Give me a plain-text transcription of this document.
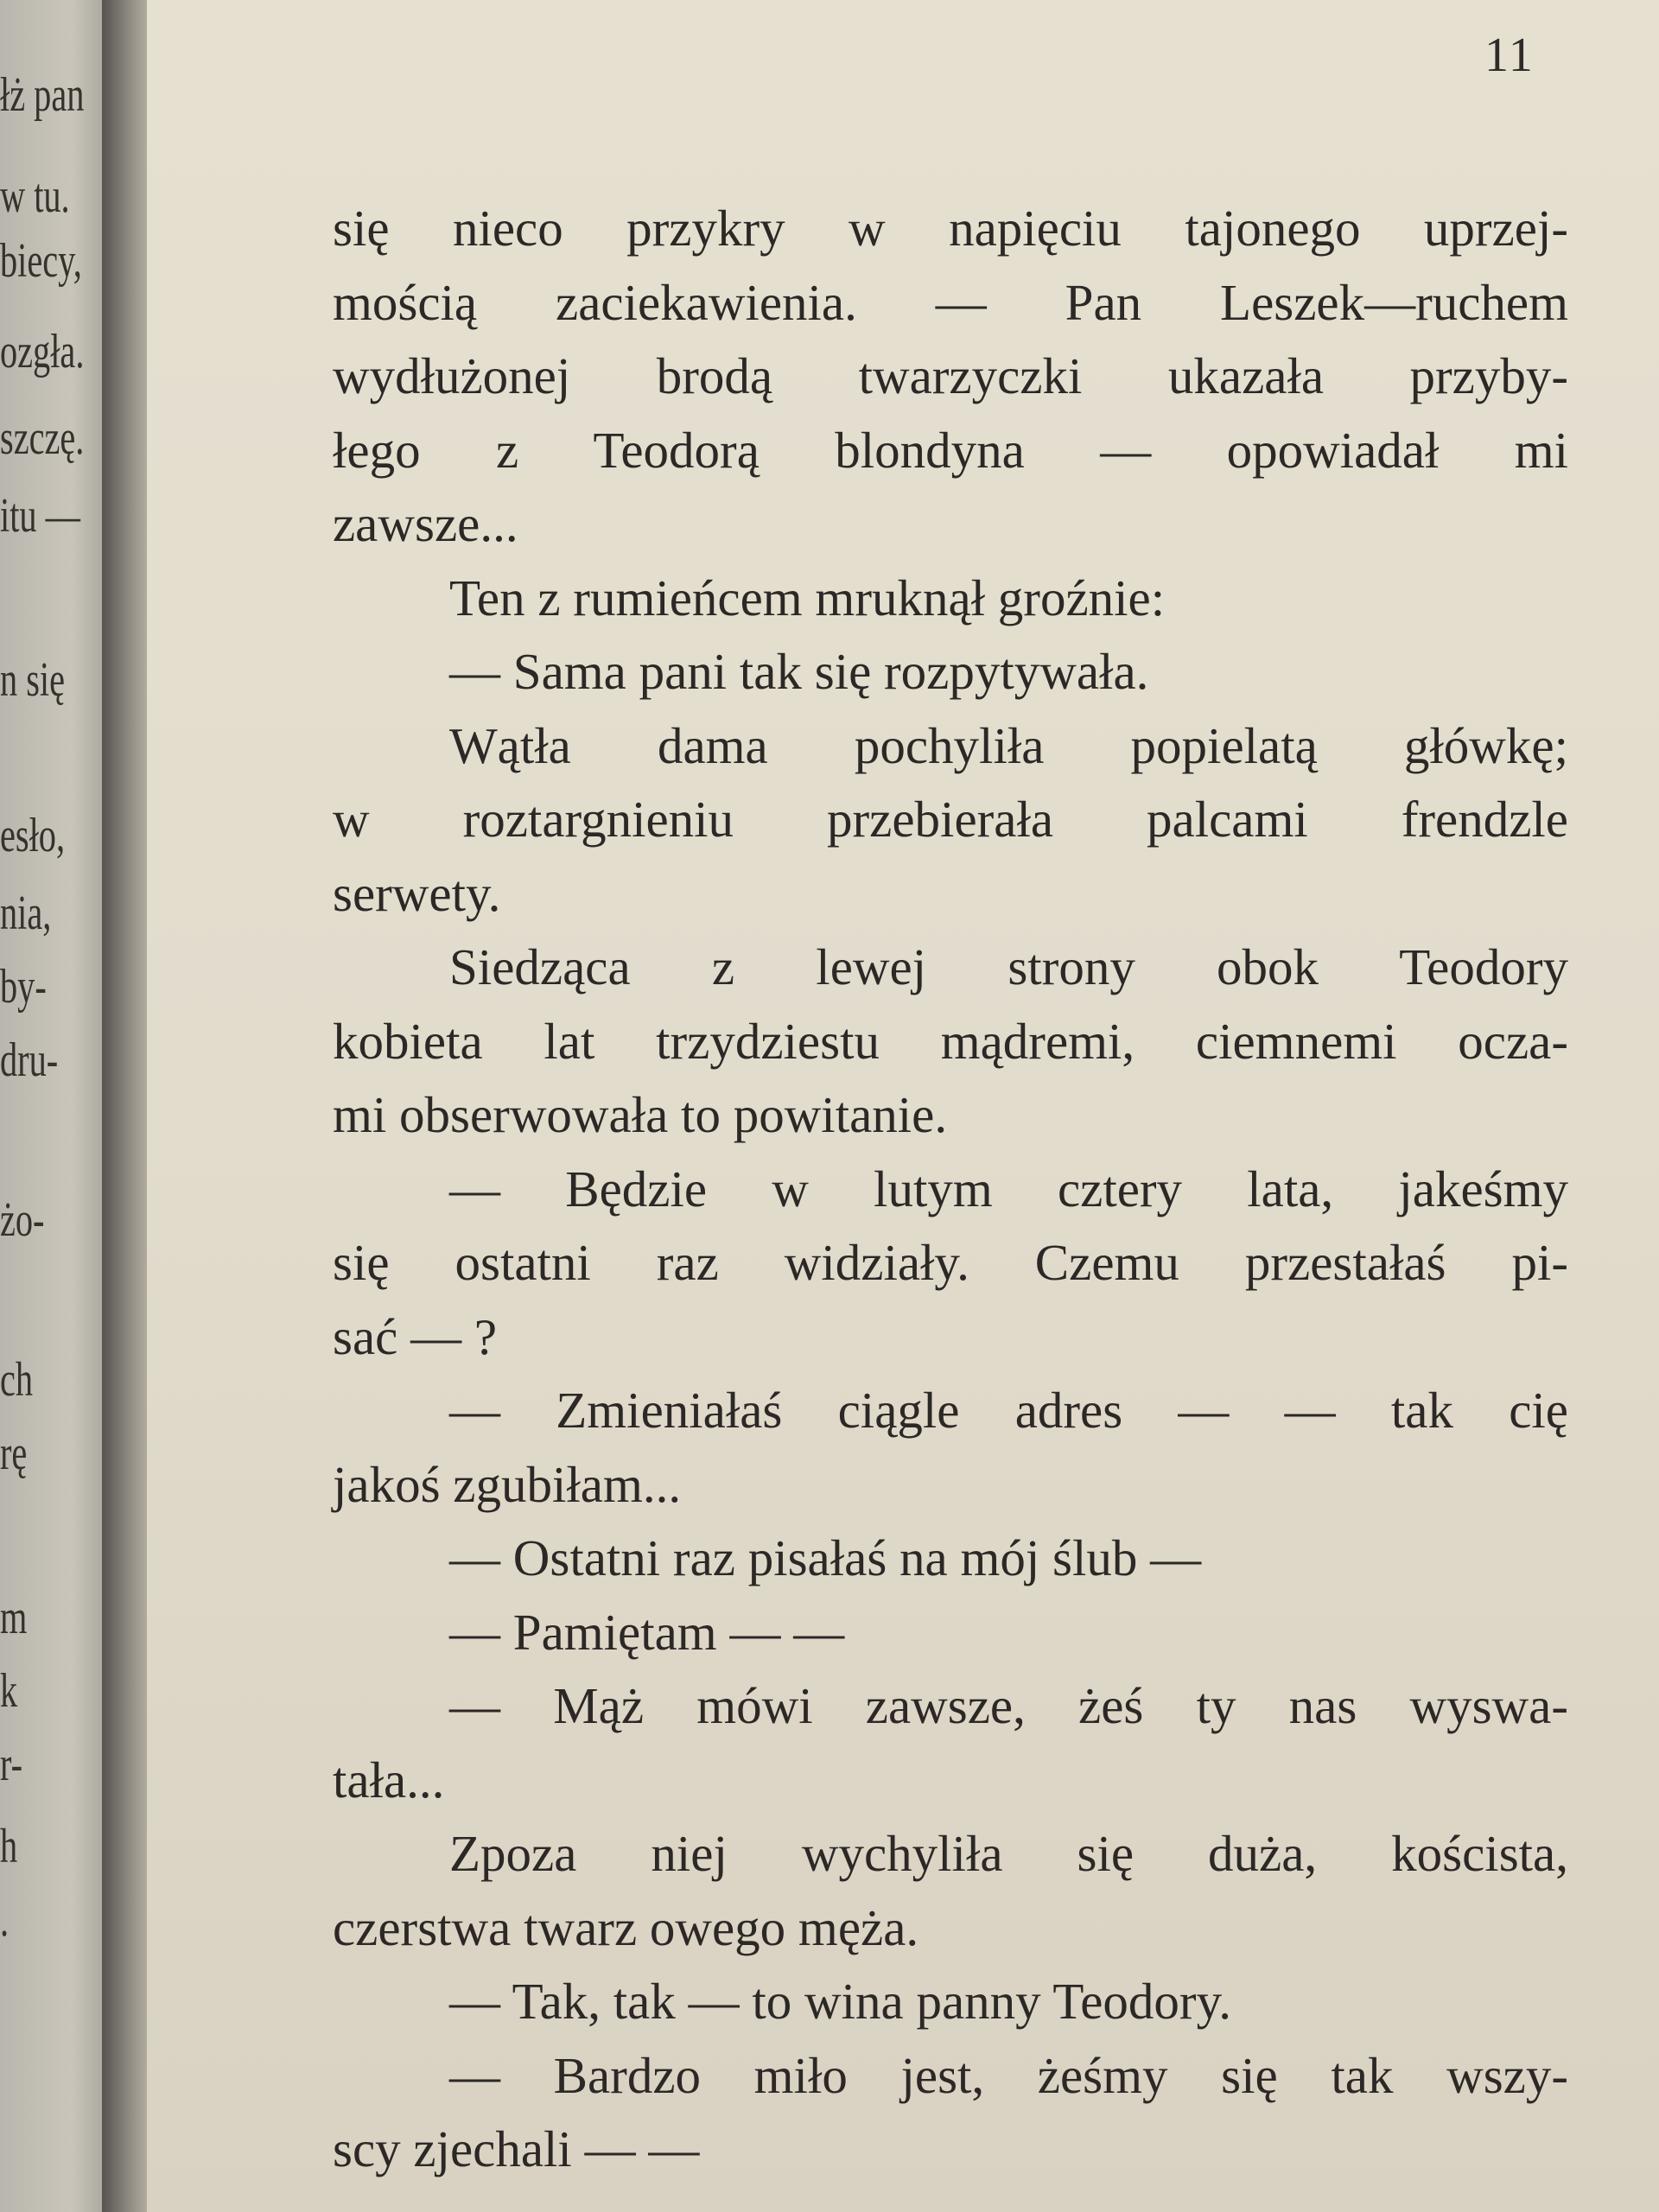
łż pan
w tu.
biecy,
ozgła.
szczę.
itu —
n się
esło,
nia,
by-
dru-
żo-
ch
rę
m
k
r-
h
.
11
się nieco przykry w napięciu tajonego uprzej-
mością zaciekawienia. — Pan Leszek—ruchem
wydłużonej brodą twarzyczki ukazała przyby-
łego z Teodorą blondyna — opowiadał mi
zawsze...
Ten z rumieńcem mruknął groźnie:
— Sama pani tak się rozpytywała.
Wątła dama pochyliła popielatą główkę;
w roztargnieniu przebierała palcami frendzle
serwety.
Siedząca z lewej strony obok Teodory
kobieta lat trzydziestu mądremi, ciemnemi ocza-
mi obserwowała to powitanie.
— Będzie w lutym cztery lata, jakeśmy
się ostatni raz widziały. Czemu przestałaś pi-
sać — ?
— Zmieniałaś ciągle adres — — tak cię
jakoś zgubiłam...
— Ostatni raz pisałaś na mój ślub —
— Pamiętam — —
— Mąż mówi zawsze, żeś ty nas wyswa-
tała...
Zpoza niej wychyliła się duża, koścista,
czerstwa twarz owego męża.
— Tak, tak — to wina panny Teodory.
— Bardzo miło jest, żeśmy się tak wszy-
scy zjechali — —
